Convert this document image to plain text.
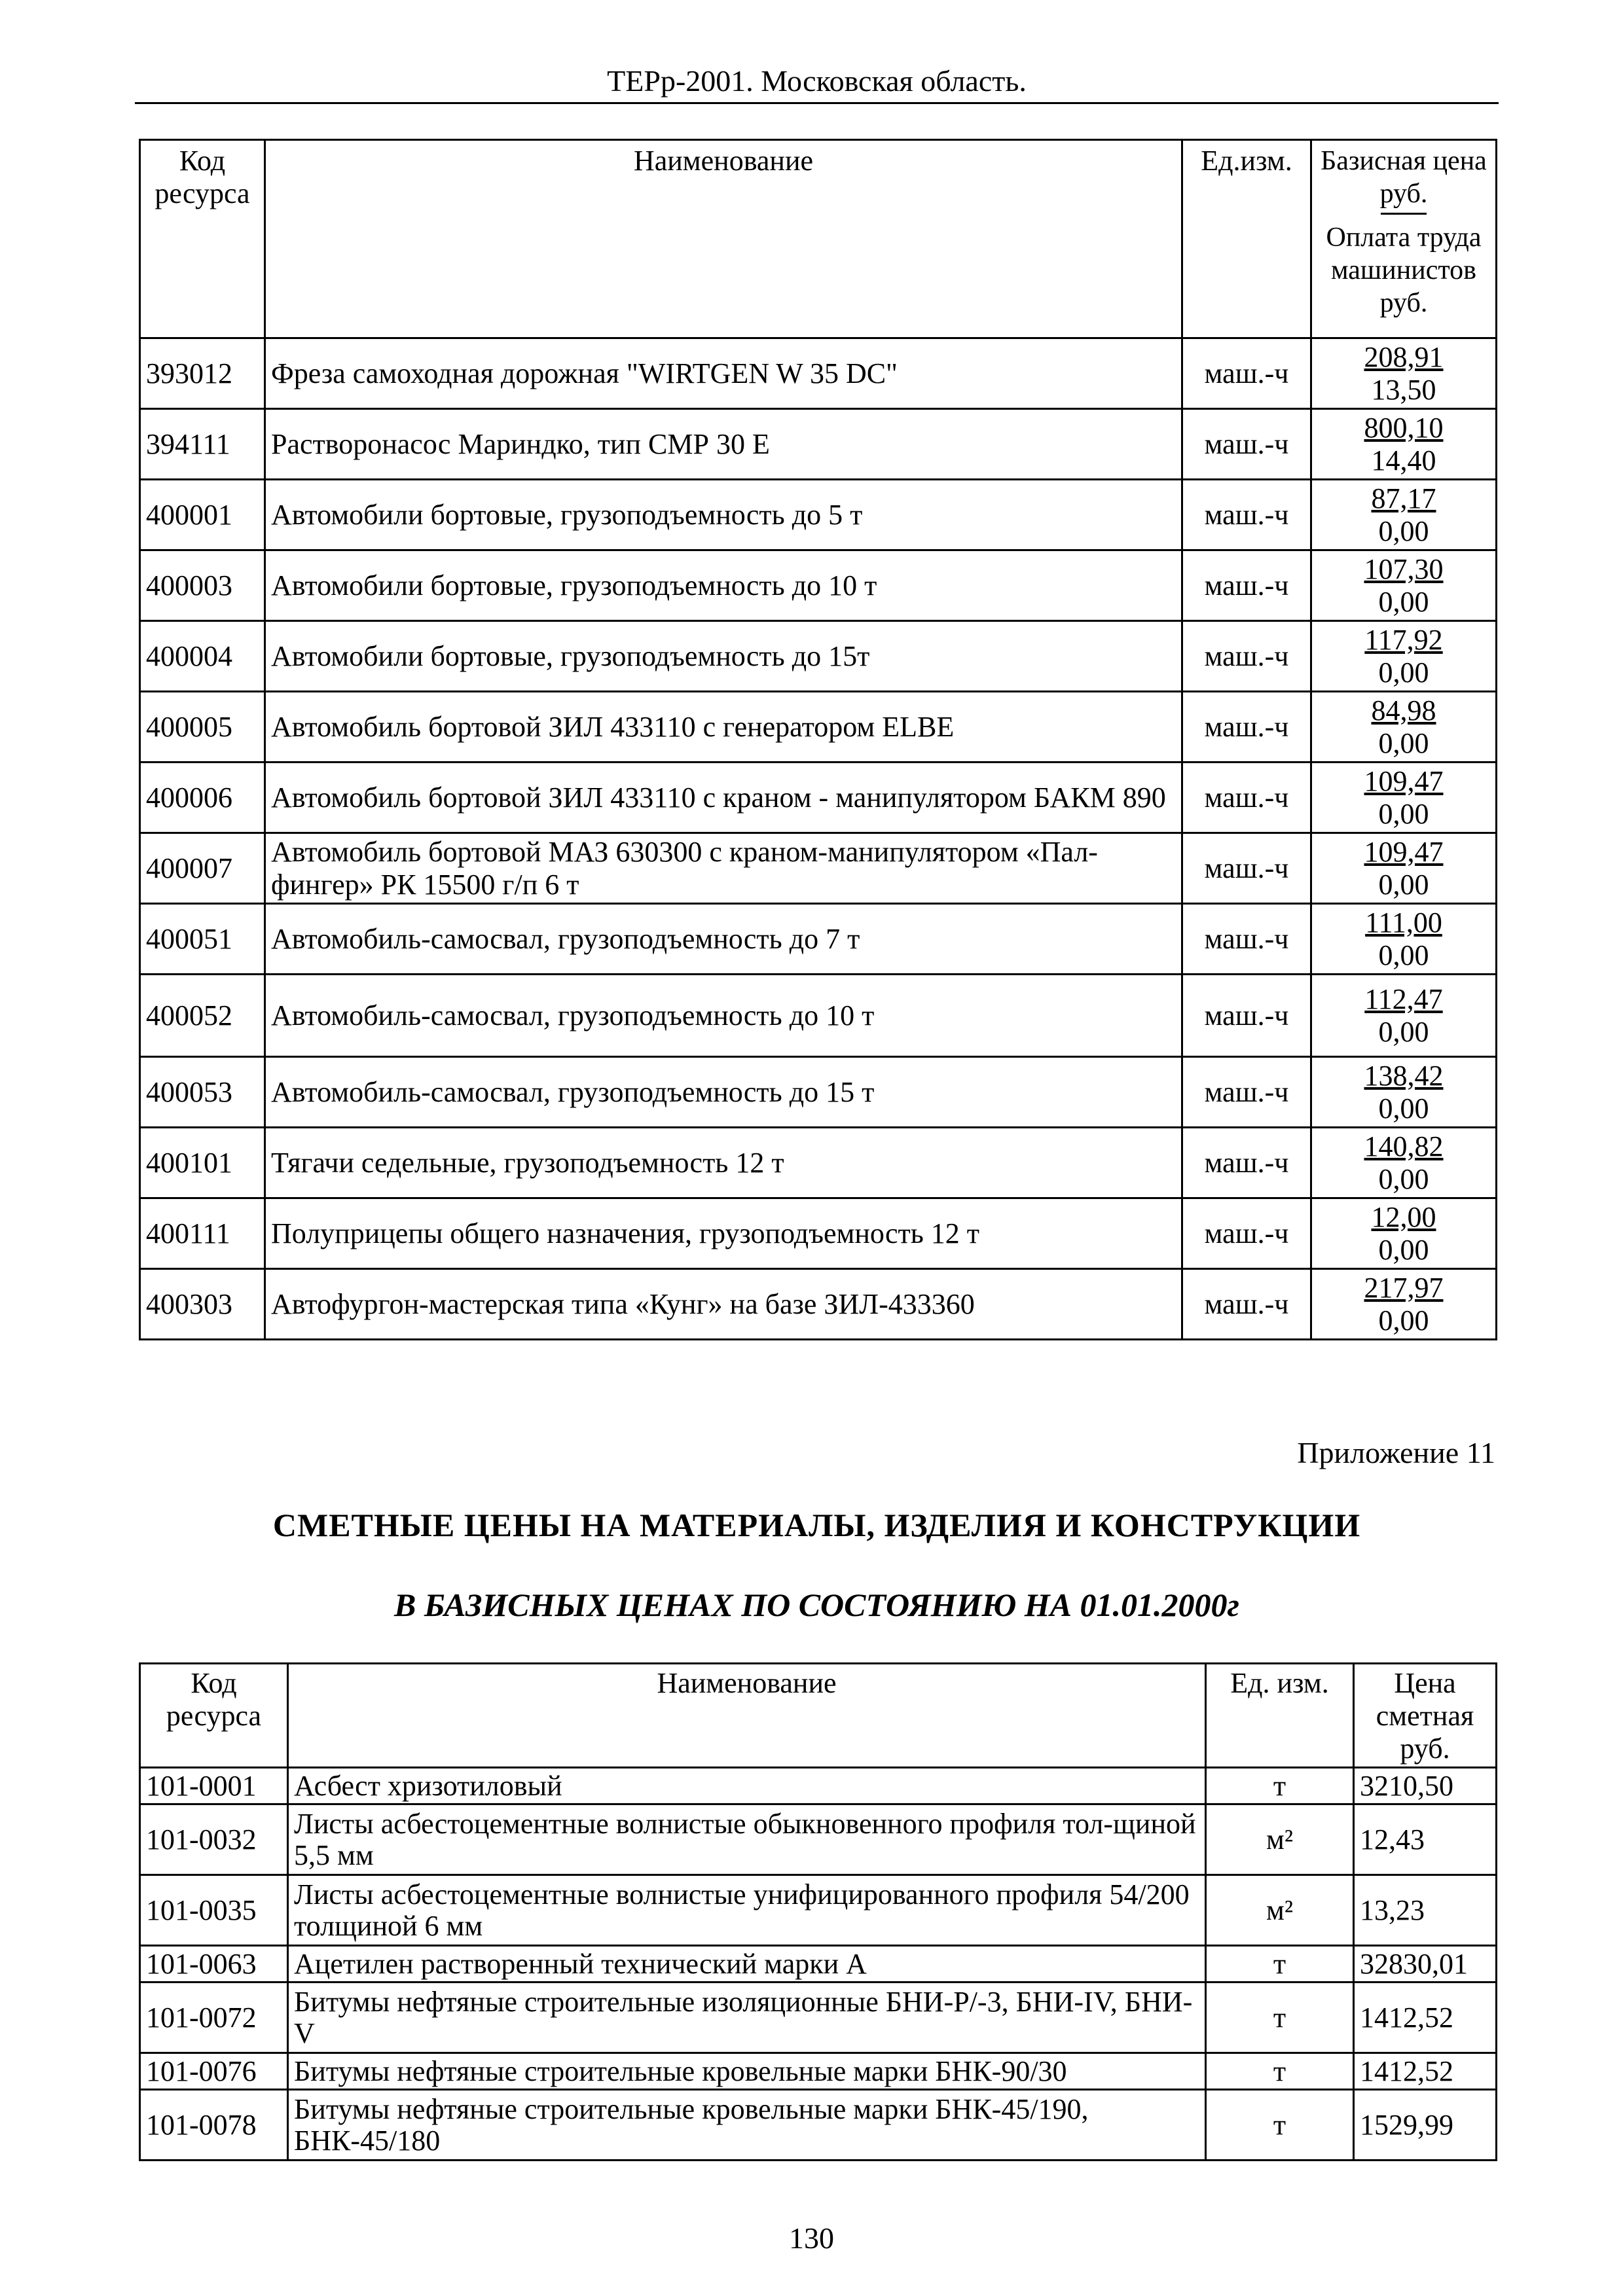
ТЕРр-2001. Московская область.
Код ресурса	Наименование	Ед.изм.	Базисная цена руб.
Оплата труда машинистов руб.
393012	Фреза самоходная дорожная "WIRTGEN W 35 DC"	маш.-ч	208,91
13,50

394111	Растворонасос Мариндко, тип СМР 30 Е	маш.-ч	800,10
14,40

400001	Автомобили бортовые, грузоподъемность до 5 т	маш.-ч	87,17
0,00

400003	Автомобили бортовые, грузоподъемность до 10 т	маш.-ч	107,30
0,00

400004	Автомобили бортовые, грузоподъемность до 15т	маш.-ч	117,92
0,00

400005	Автомобиль бортовой ЗИЛ 433110 с генератором ELBE	маш.-ч	84,98
0,00

400006	Автомобиль бортовой ЗИЛ 433110 с краном - манипулятором БАКМ 890	маш.-ч	109,47
0,00

400007	Автомобиль бортовой МАЗ 630300 с краном-манипулятором «Пал-фингер» РК 15500 г/п 6 т	маш.-ч	109,47
0,00

400051	Автомобиль-самосвал, грузоподъемность до 7 т	маш.-ч	111,00
0,00

400052	Автомобиль-самосвал, грузоподъемность до 10 т	маш.-ч	112,47
0,00

400053	Автомобиль-самосвал, грузоподъемность до 15 т	маш.-ч	138,42
0,00

400101	Тягачи седельные, грузоподъемность 12 т	маш.-ч	140,82
0,00

400111	Полуприцепы общего назначения, грузоподъемность 12 т	маш.-ч	12,00
0,00

400303	Автофургон-мастерская типа «Кунг» на базе ЗИЛ-433360	маш.-ч	217,97
0,00
Приложение 11
СМЕТНЫЕ ЦЕНЫ НА МАТЕРИАЛЫ, ИЗДЕЛИЯ И КОНСТРУКЦИИ
В БАЗИСНЫХ ЦЕНАХ ПО СОСТОЯНИЮ НА 01.01.2000г
Код ресурса	Наименование	Ед. изм.	Цена сметная руб.
101-0001	Асбест хризотиловый	т	3210,50
101-0032	Листы асбестоцементные волнистые обыкновенного профиля тол-щиной 5,5 мм	м²	12,43
101-0035	Листы асбестоцементные волнистые унифицированного профиля 54/200 толщиной 6 мм	м²	13,23
101-0063	Ацетилен растворенный технический марки А	т	32830,01
101-0072	Битумы нефтяные строительные изоляционные БНИ-Р/-3, БНИ-IV, БНИ-V	т	1412,52
101-0076	Битумы нефтяные строительные кровельные марки БНК-90/30	т	1412,52
101-0078	Битумы нефтяные строительные кровельные марки БНК-45/190, БНК-45/180	т	1529,99
130
